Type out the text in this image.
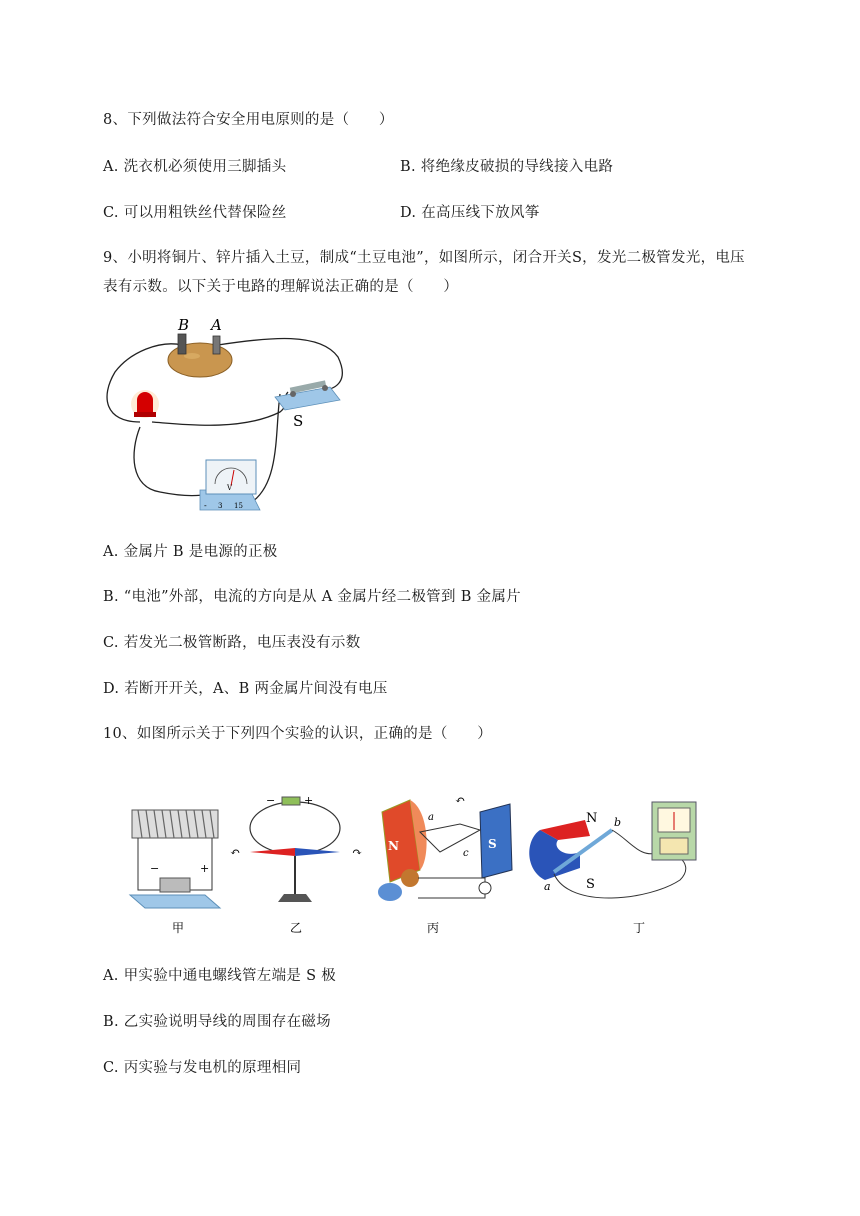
8、下列做法符合安全用电原则的是（　　）
A. 洗衣机必须使用三脚插头	B. 将绝缘皮破损的导线接入电路
C. 可以用粗铁丝代替保险丝	D. 在高压线下放风筝
9、小明将铜片、锌片插入土豆，制成“土豆电池”，如图所示，闭合开关S，发光二极管发光，电压
表有示数。以下关于电路的理解说法正确的是（　　）
B A
S
V
- 3 15
A. 金属片 B 是电源的正极
B. “电池”外部，电流的方向是从 A 金属片经二极管到 B 金属片
C. 若发光二极管断路，电压表没有示数
D. 若断开开关，A、B 两金属片间没有电压
10、如图所示关于下列四个实验的认识，正确的是（　　）
−	+
甲
−	+
↶	↷
乙
N	S
a
c
↶
丙
N
S
a
b
丁
A. 甲实验中通电螺线管左端是 S 极
B. 乙实验说明导线的周围存在磁场
C. 丙实验与发电机的原理相同
